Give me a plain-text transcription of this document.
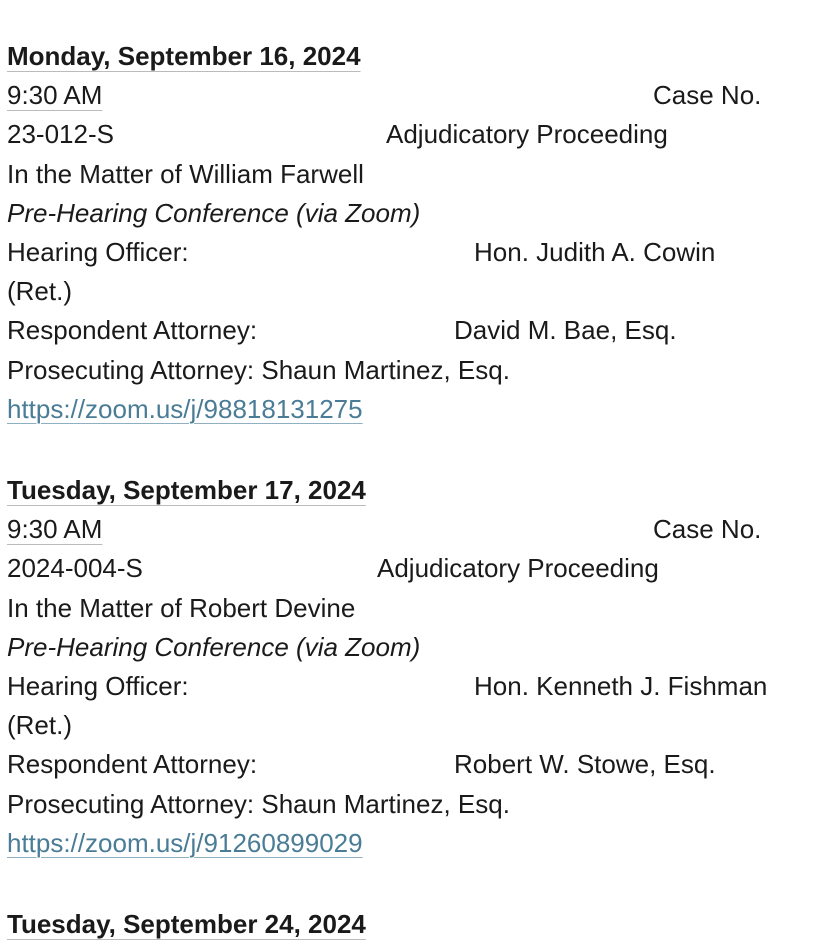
Monday, September 16, 2024
9:30 AM	Case No.
23-012-S	Adjudicatory Proceeding
In the Matter of William Farwell
Pre-Hearing Conference (via Zoom)
Hearing Officer:	Hon. Judith A. Cowin
(Ret.)
Respondent Attorney:	David M. Bae, Esq.
Prosecuting Attorney: Shaun Martinez, Esq.
https://zoom.us/j/98818131275
Tuesday, September 17, 2024
9:30 AM	Case No.
2024-004-S	Adjudicatory Proceeding
In the Matter of Robert Devine
Pre-Hearing Conference (via Zoom)
Hearing Officer:	Hon. Kenneth J. Fishman
(Ret.)
Respondent Attorney:	Robert W. Stowe, Esq.
Prosecuting Attorney: Shaun Martinez, Esq.
https://zoom.us/j/91260899029
Tuesday, September 24, 2024
